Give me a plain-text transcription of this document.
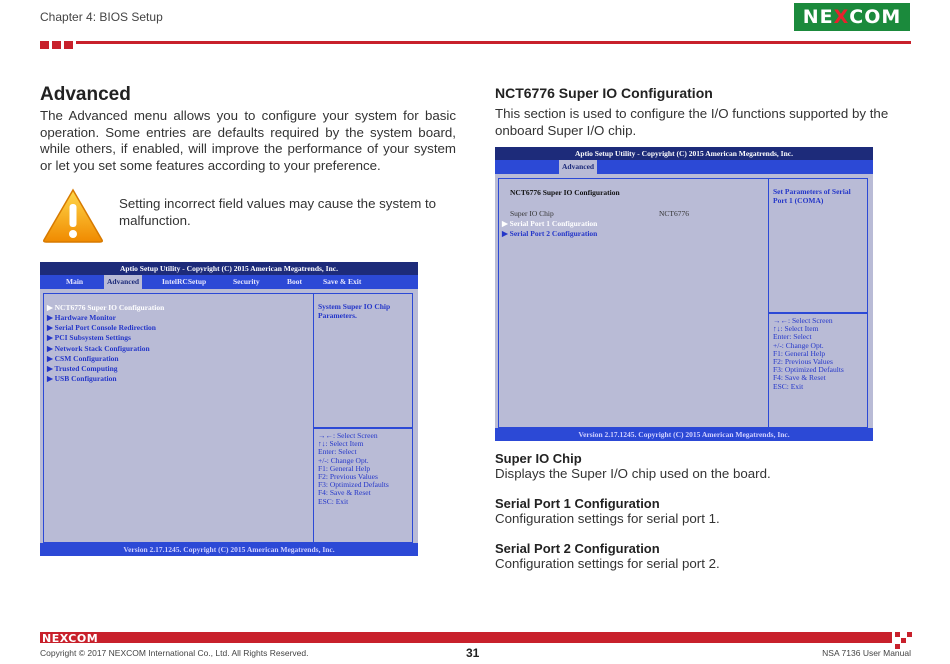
Chapter 4: BIOS Setup	NE X COM
Advanced
The Advanced menu allows you to configure your system for basic operation. Some entries are defaults required by the system board, while others, if enabled, will improve the performance of your system or let you set some features according to your preference.
Setting incorrect field values may cause the system to malfunction.
Aptio Setup Utility - Copyright (C) 2015 American Megatrends, Inc.
Main	Advanced	IntelRCSetup	Security	Boot	Save & Exit
▶ NCT6776 Super IO Configuration
▶ Hardware Monitor
▶ Serial Port Console Redirection
▶ PCI Subsystem Settings
▶ Network Stack Configuration
▶ CSM Configuration
▶ Trusted Computing
▶ USB Configuration
System Super IO Chip Parameters.
→←: Select Screen
↑↓: Select Item
Enter: Select
+/-: Change Opt.
F1: General Help
F2: Previous Values
F3: Optimized Defaults
F4: Save & Reset
ESC: Exit
Version 2.17.1245. Copyright (C) 2015 American Megatrends, Inc.
NCT6776 Super IO Configuration
This section is used to configure the I/O functions supported by the onboard Super I/O chip.
Aptio Setup Utility - Copyright (C) 2015 American Megatrends, Inc.
Advanced
NCT6776 Super IO Configuration
Super IO Chip	NCT6776
▶ Serial Port 1 Configuration
▶ Serial Port 2 Configuration
Set Parameters of Serial Port 1 (COMA)
→←: Select Screen
↑↓: Select Item
Enter: Select
+/-: Change Opt.
F1: General Help
F2: Previous Values
F3: Optimized Defaults
F4: Save & Reset
ESC: Exit
Version 2.17.1245. Copyright (C) 2015 American Megatrends, Inc.
Super IO Chip
Displays the Super I/O chip used on the board.
Serial Port 1 Configuration
Configuration settings for serial port 1.
Serial Port 2 Configuration
Configuration settings for serial port 2.
NEXCOM
Copyright © 2017 NEXCOM International Co., Ltd. All Rights Reserved.	31	NSA 7136 User Manual
